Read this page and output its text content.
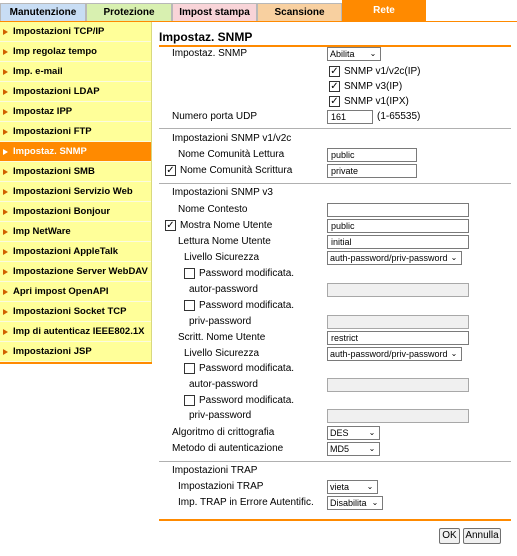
Manutenzione	Protezione	Impost stampa	Scansione	Rete
Impostazioni TCP/IP
Imp regolaz tempo
Imp. e-mail
Impostazioni LDAP
Impostaz IPP
Impostazioni FTP
Impostaz. SNMP
Impostazioni SMB
Impostazioni Servizio Web
Impostazioni Bonjour
Imp NetWare
Impostazioni AppleTalk
Impostazione Server WebDAV
Apri impost OpenAPI
Impostazioni Socket TCP
Imp di autenticaz IEEE802.1X
Impostazioni JSP
Impostaz. SNMP
Impostaz. SNMP	Abilita ⌄
✓ SNMP v1/v2c(IP)
✓ SNMP v3(IP)
✓ SNMP v1(IPX)
Numero porta UDP	161	(1-65535)
Impostazioni SNMP v1/v2c
Nome Comunità Lettura	public
✓ Nome Comunità Scrittura	private
Impostazioni SNMP v3
Nome Contesto
✓ Mostra Nome Utente	public
Lettura Nome Utente	initial
Livello Sicurezza	auth-password/priv-password ⌄
Password modificata.
autor-password
Password modificata.
priv-password
Scritt. Nome Utente	restrict
Livello Sicurezza	auth-password/priv-password ⌄
Password modificata.
autor-password
Password modificata.
priv-password
Algoritmo di crittografia	DES	⌄
Metodo di autenticazione	MD5 ⌄
Impostazioni TRAP
Impostazioni TRAP	vieta ⌄
Imp. TRAP in Errore Autentific.	Disabilita ⌄
OK Annulla
